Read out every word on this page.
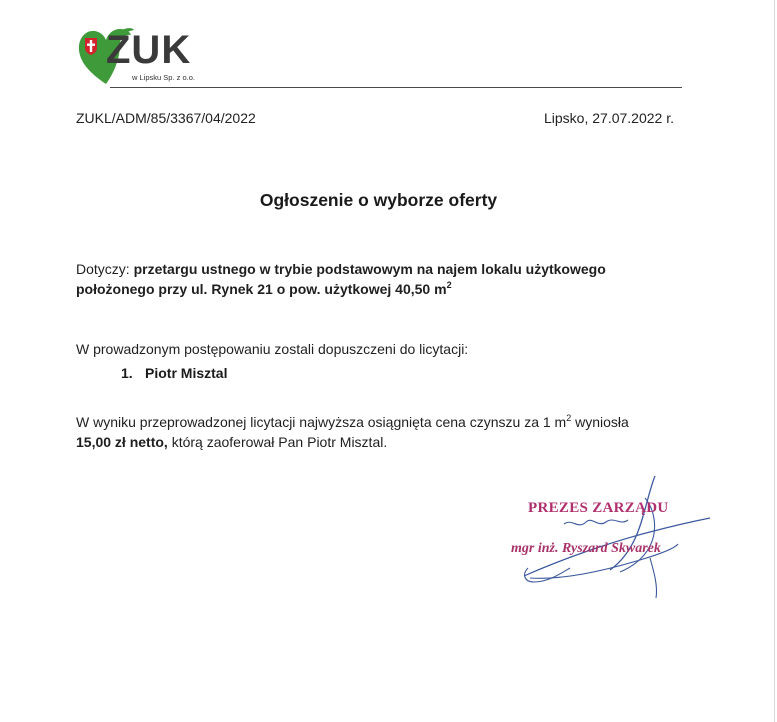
ZUK
w Lipsku Sp. z o.o.
ZUKL/ADM/85/3367/04/2022	Lipsko, 27.07.2022 r.
Ogłoszenie o wyborze oferty
Dotyczy: przetargu ustnego w trybie podstawowym na najem lokalu użytkowego
położonego przy ul. Rynek 21 o pow. użytkowej 40,50 $m^2$
W prowadzonym postępowaniu zostali dopuszczeni do licytacji:
1. Piotr Misztal
W wyniku przeprowadzonej licytacji najwyższa osiągnięta cena czynszu za 1 $m^2$ wyniosła
15,00 zł netto, którą zaoferował Pan Piotr Misztal.
PREZES ZARZĄDU
mgr inż. Ryszard Skwarek
